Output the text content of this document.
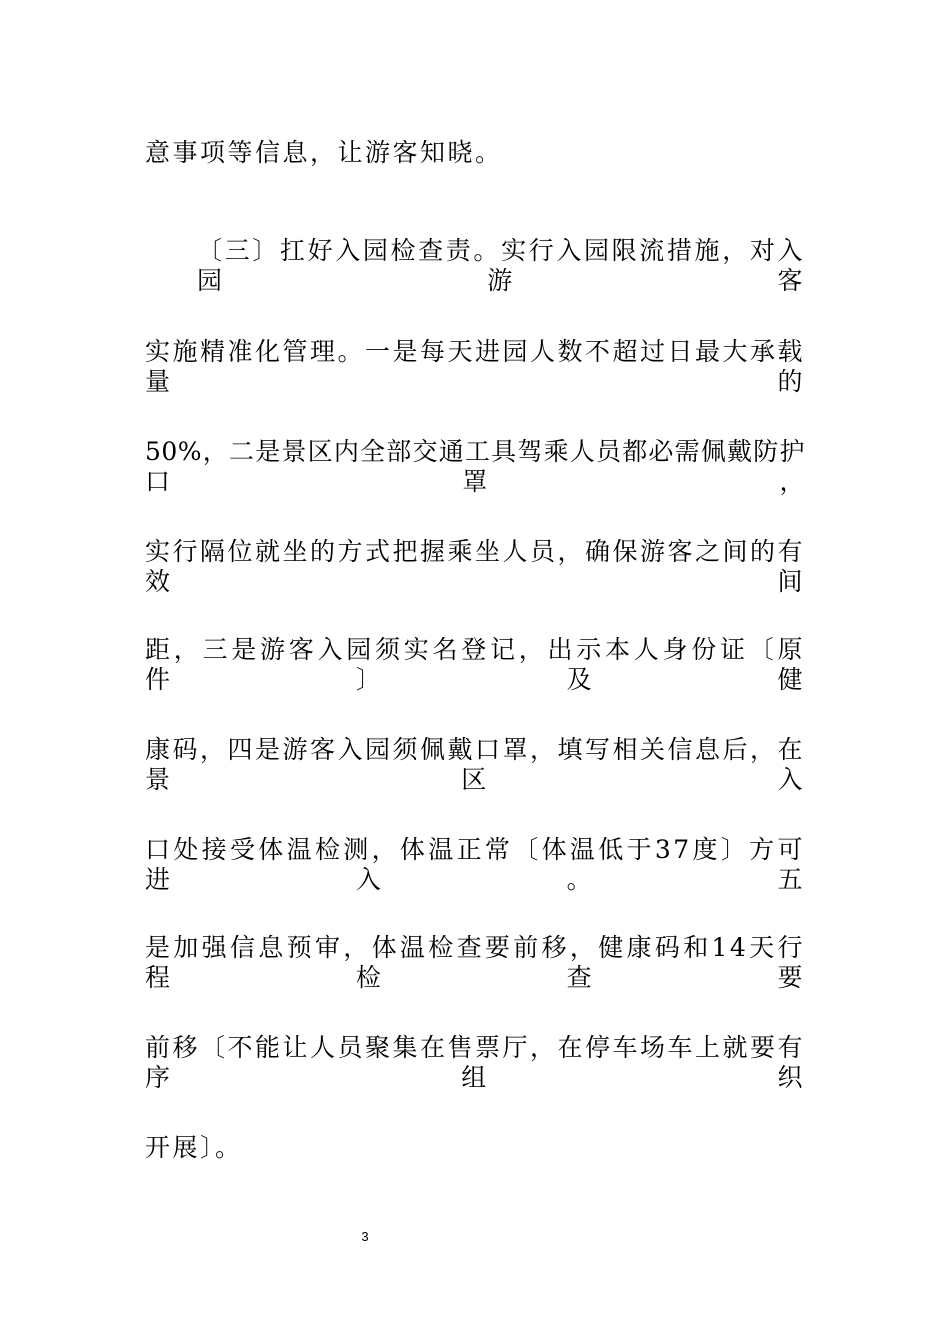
意事项等信息，让游客知晓。
〔三〕扛好入园检查责。实行入园限流措施，对入园游客
实施精准化管理。一是每天进园人数不超过日最大承载量的
50%，二是景区内全部交通工具驾乘人员都必需佩戴防护口罩，
实行隔位就坐的方式把握乘坐人员，确保游客之间的有效间
距，三是游客入园须实名登记，出示本人身份证〔原件〕及健
康码，四是游客入园须佩戴口罩，填写相关信息后，在景区入
口处接受体温检测，体温正常〔体温低于37度〕方可进入。五
是加强信息预审，体温检查要前移，健康码和14天行程检查要
前移〔不能让人员聚集在售票厅，在停车场车上就要有序组织
开展〕。
3
